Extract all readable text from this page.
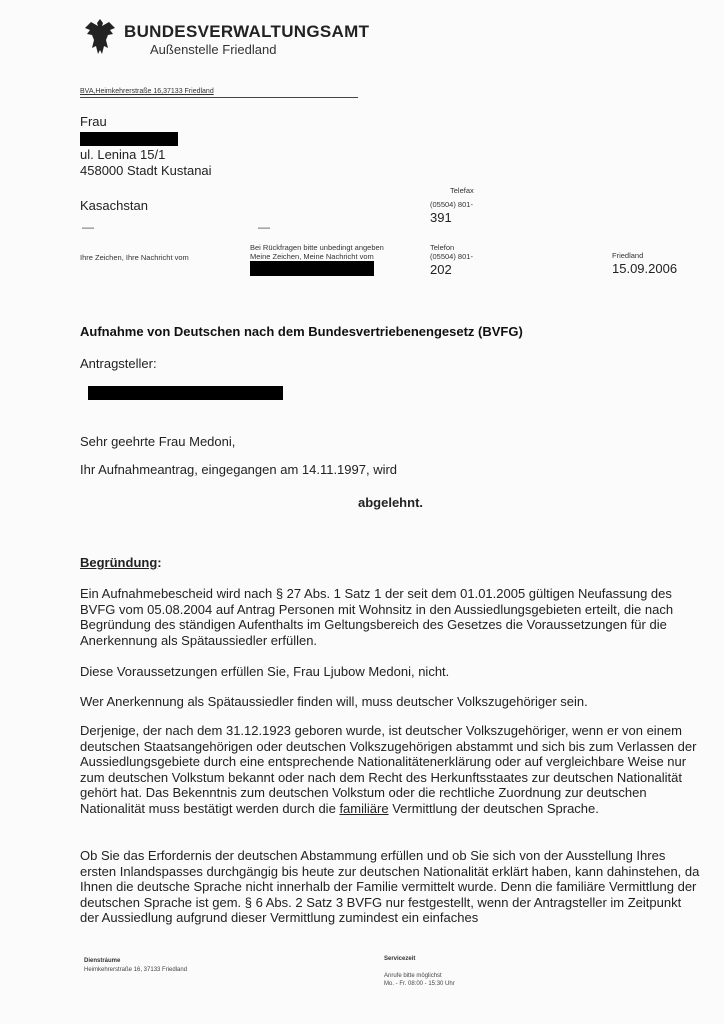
BUNDESVERWALTUNGSAMT
Außenstelle Friedland
BVA,Heimkehrerstraße 16,37133 Friedland
Frau
ul. Lenina 15/1
458000 Stadt Kustanai
Kasachstan
—	—
Telefax
(05504) 801-
391
Ihre Zeichen, Ihre Nachricht vom
Bei Rückfragen bitte unbedingt angeben
Meine Zeichen, Meine Nachricht vom
Telefon
(05504) 801-
202
Friedland
15.09.2006
Aufnahme von Deutschen nach dem Bundesvertriebenengesetz (BVFG)
Antragsteller:
Sehr geehrte Frau Medoni,
Ihr Aufnahmeantrag, eingegangen am 14.11.1997, wird
abgelehnt.
Begründung:
Ein Aufnahmebescheid wird nach § 27 Abs. 1 Satz 1 der seit dem 01.01.2005 gültigen Neufassung des BVFG vom 05.08.2004 auf Antrag Personen mit Wohnsitz in den Aussiedlungsgebieten erteilt, die nach Begründung des ständigen Aufenthalts im Geltungsbereich des Gesetzes die Voraussetzungen für die Anerkennung als Spätaussiedler erfüllen.
Diese Voraussetzungen erfüllen Sie, Frau Ljubow Medoni, nicht.
Wer Anerkennung als Spätaussiedler finden will, muss deutscher Volkszugehöriger sein.
Derjenige, der nach dem 31.12.1923 geboren wurde, ist deutscher Volkszugehöriger, wenn er von einem deutschen Staatsangehörigen oder deutschen Volkszugehörigen abstammt und sich bis zum Verlassen der Aussiedlungsgebiete durch eine entsprechende Nationalitätenerklärung oder auf vergleichbare Weise nur zum deutschen Volkstum bekannt oder nach dem Recht des Herkunftsstaates zur deutschen Nationalität gehört hat. Das Bekenntnis zum deutschen Volkstum oder die rechtliche Zuordnung zur deutschen Nationalität muss bestätigt werden durch die familiäre Vermittlung der deutschen Sprache.
Ob Sie das Erfordernis der deutschen Abstammung erfüllen und ob Sie sich von der Ausstellung Ihres ersten Inlandspasses durchgängig bis heute zur deutschen Nationalität erklärt haben, kann dahinstehen, da Ihnen die deutsche Sprache nicht innerhalb der Familie vermittelt wurde. Denn die familiäre Vermittlung der deutschen Sprache ist gem. § 6 Abs. 2 Satz 3 BVFG nur festgestellt, wenn der Antragsteller im Zeitpunkt der Aussiedlung aufgrund dieser Vermittlung zumindest ein einfaches
Dienstráume
Heimkehrerstraße 16, 37133 Friedland
Servicezeit
Anrufe bitte möglichst
Mo. - Fr. 08:00 - 15:30 Uhr
